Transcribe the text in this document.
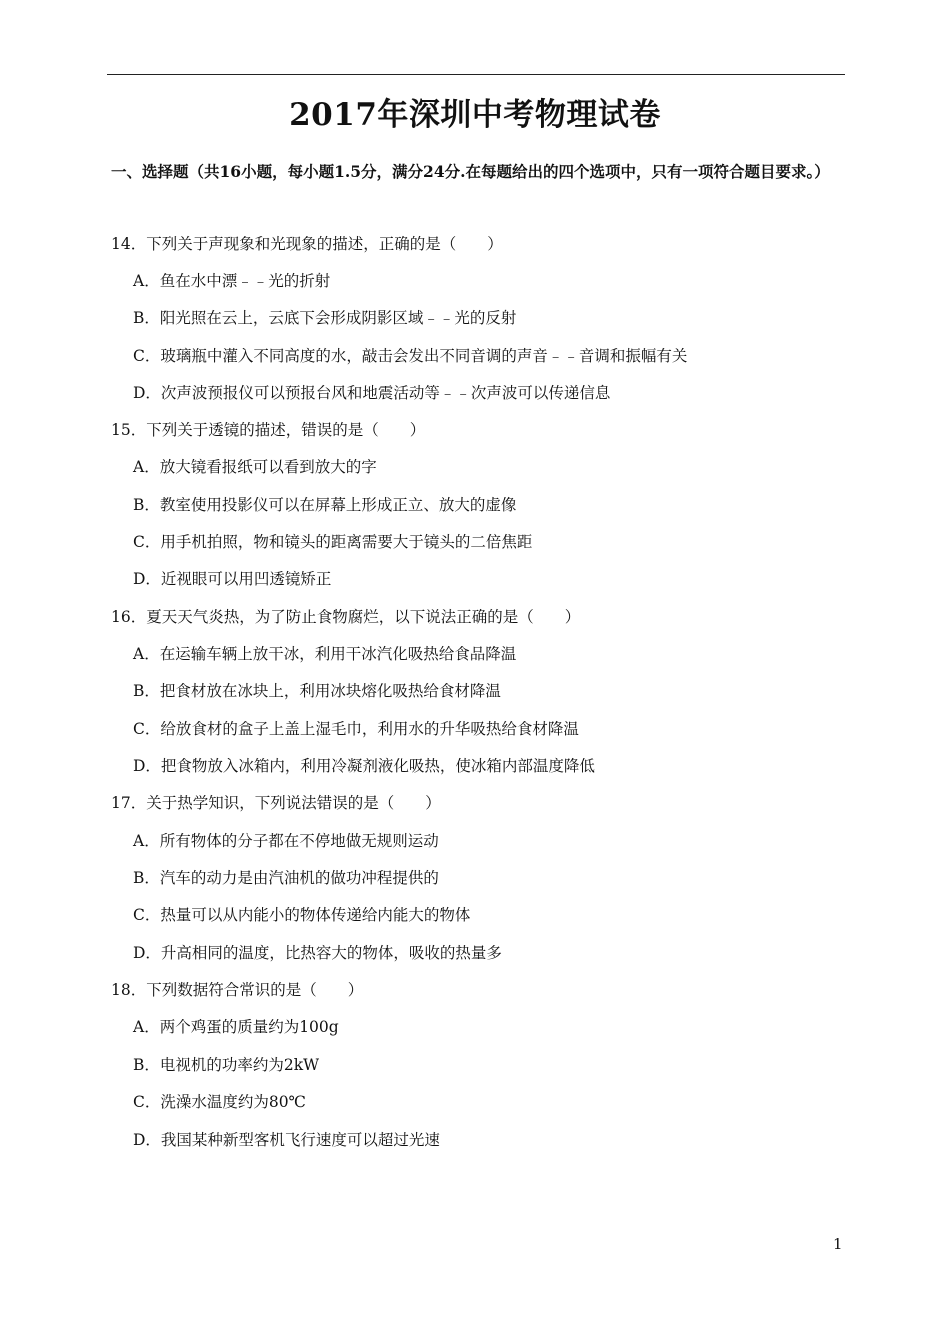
2017年深圳中考物理试卷
一、选择题（共16小题，每小题1.5分，满分24分.在每题给出的四个选项中，只有一项符合题目要求。）
14．下列关于声现象和光现象的描述，正确的是（　　）
A．鱼在水中漂﹣﹣光的折射
B．阳光照在云上，云底下会形成阴影区域﹣﹣光的反射
C．玻璃瓶中灌入不同高度的水，敲击会发出不同音调的声音﹣﹣音调和振幅有关
D．次声波预报仪可以预报台风和地震活动等﹣﹣次声波可以传递信息
15．下列关于透镜的描述，错误的是（　　）
A．放大镜看报纸可以看到放大的字
B．教室使用投影仪可以在屏幕上形成正立、放大的虚像
C．用手机拍照，物和镜头的距离需要大于镜头的二倍焦距
D．近视眼可以用凹透镜矫正
16．夏天天气炎热，为了防止食物腐烂，以下说法正确的是（　　）
A．在运输车辆上放干冰，利用干冰汽化吸热给食品降温
B．把食材放在冰块上，利用冰块熔化吸热给食材降温
C．给放食材的盒子上盖上湿毛巾，利用水的升华吸热给食材降温
D．把食物放入冰箱内，利用冷凝剂液化吸热，使冰箱内部温度降低
17．关于热学知识，下列说法错误的是（　　）
A．所有物体的分子都在不停地做无规则运动
B．汽车的动力是由汽油机的做功冲程提供的
C．热量可以从内能小的物体传递给内能大的物体
D．升高相同的温度，比热容大的物体，吸收的热量多
18．下列数据符合常识的是（　　）
A．两个鸡蛋的质量约为100g
B．电视机的功率约为2kW
C．洗澡水温度约为80℃
D．我国某种新型客机飞行速度可以超过光速
1
